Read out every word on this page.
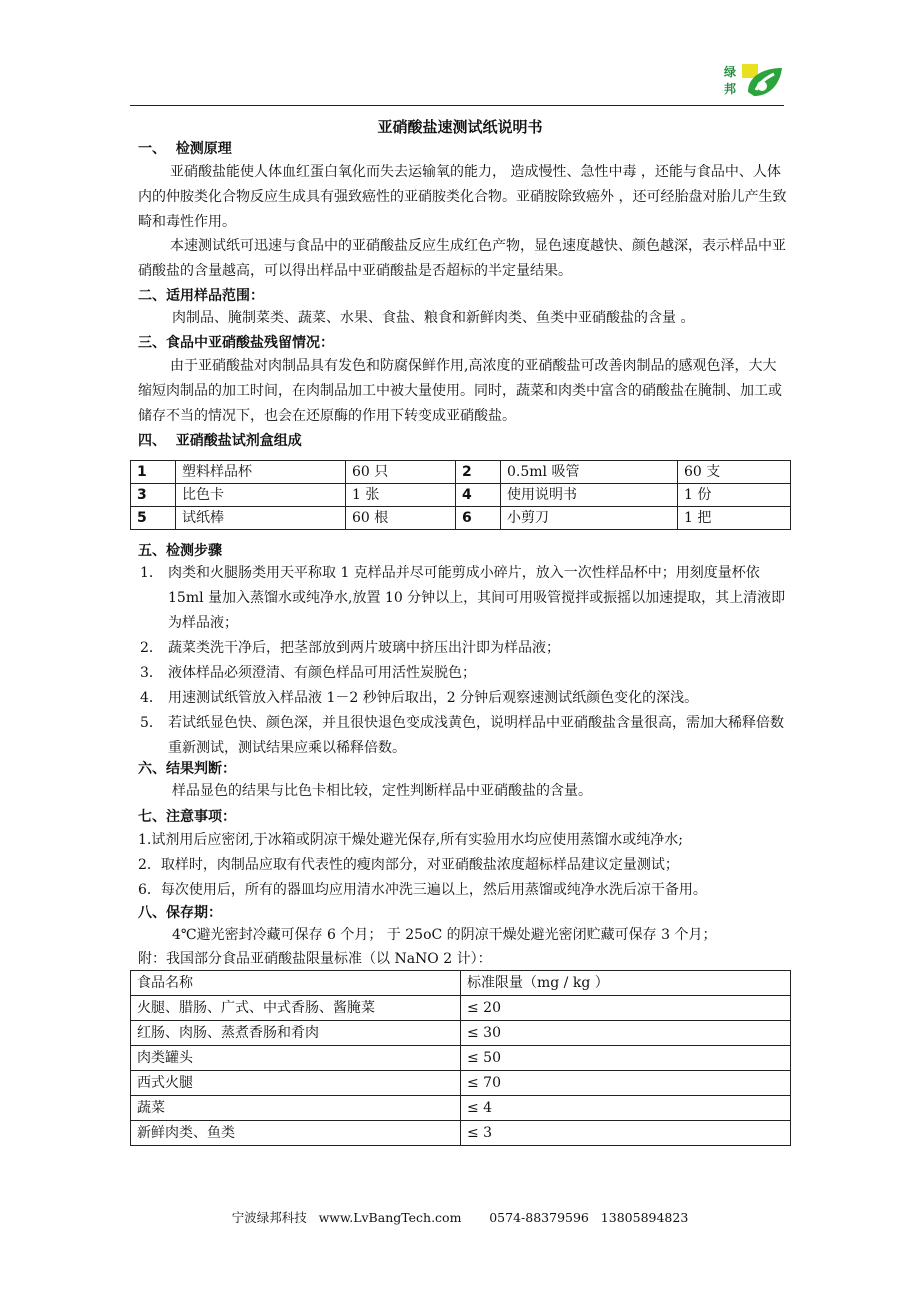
绿
邦
亚硝酸盐速测试纸说明书
一、  检测原理
亚硝酸盐能使人体血红蛋白氧化而失去运输氧的能力， 造成慢性、急性中毒 ，还能与食品中、人体内的仲胺类化合物反应生成具有强致癌性的亚硝胺类化合物。亚硝胺除致癌外 ，还可经胎盘对胎儿产生致畸和毒性作用。
本速测试纸可迅速与食品中的亚硝酸盐反应生成红色产物，显色速度越快、颜色越深，表示样品中亚硝酸盐的含量越高，可以得出样品中亚硝酸盐是否超标的半定量结果。
二、适用样品范围：
肉制品、腌制菜类、蔬菜、水果、食盐、粮食和新鲜肉类、鱼类中亚硝酸盐的含量 。
三、食品中亚硝酸盐残留情况：
由于亚硝酸盐对肉制品具有发色和防腐保鲜作用,高浓度的亚硝酸盐可改善肉制品的感观色泽，大大缩短肉制品的加工时间，在肉制品加工中被大量使用。同时，蔬菜和肉类中富含的硝酸盐在腌制、加工或储存不当的情况下，也会在还原酶的作用下转变成亚硝酸盐。
四、  亚硝酸盐试剂盒组成
1	塑料样品杯	60 只	2	0.5ml 吸管	60 支
3	比色卡	1 张	4	使用说明书	1 份
5	试纸棒	60 根	6	小剪刀	1 把
五、检测步骤
1． 肉类和火腿肠类用天平称取 1 克样品并尽可能剪成小碎片，放入一次性样品杯中；用刻度量杯依 15ml 量加入蒸馏水或纯净水,放置 10 分钟以上，其间可用吸管搅拌或振摇以加速提取，其上清液即为样品液；
2． 蔬菜类洗干净后，把茎部放到两片玻璃中挤压出汁即为样品液；
3． 液体样品必须澄清、有颜色样品可用活性炭脱色；
4． 用速测试纸管放入样品液 1－2 秒钟后取出，2 分钟后观察速测试纸颜色变化的深浅。
5． 若试纸显色快、颜色深，并且很快退色变成浅黄色，说明样品中亚硝酸盐含量很高，需加大稀释倍数重新测试，测试结果应乘以稀释倍数。
六、结果判断：
样品显色的结果与比色卡相比较，定性判断样品中亚硝酸盐的含量。
七、注意事项：
1.试剂用后应密闭,于冰箱或阴凉干燥处避光保存,所有实验用水均应使用蒸馏水或纯净水;
2．取样时，肉制品应取有代表性的瘦肉部分，对亚硝酸盐浓度超标样品建议定量测试；
6．每次使用后，所有的器皿均应用清水冲洗三遍以上，然后用蒸馏或纯净水洗后凉干备用。
八、保存期：
4℃避光密封冷藏可保存 6 个月； 于 25oC 的阴凉干燥处避光密闭贮藏可保存 3 个月；
附：我国部分食品亚硝酸盐限量标准（以 NaNO 2 计）：
食品名称	标准限量（mg / kg ）
火腿、腊肠、广式、中式香肠、酱腌菜	≤ 20
红肠、肉肠、蒸煮香肠和肴肉	≤ 30
肉类罐头	≤ 50
西式火腿	≤ 70
蔬菜	≤ 4
新鲜肉类、鱼类	≤ 3
宁波绿邦科技   www.LvBangTech.com       0574-88379596   13805894823
